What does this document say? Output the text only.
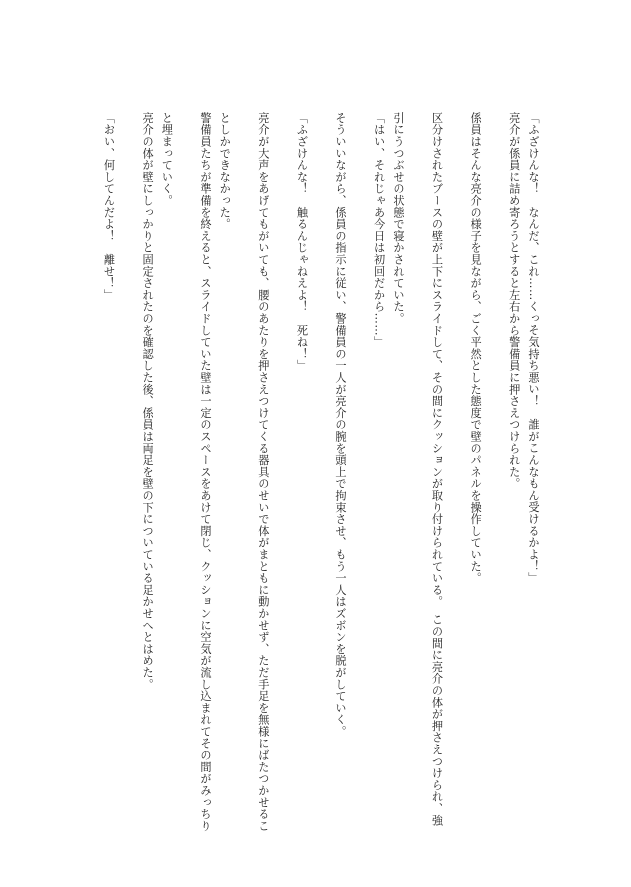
「ふざけんな！　なんだ、これ……くっそ気持ち悪い！　誰がこんなもん受けるかよ！」
亮介が係員に詰め寄ろうとすると左右から警備員に押さえつけられた。
係員はそんな亮介の様子を見ながら、ごく平然とした態度で壁のパネルを操作していた。
区分けされたブースの壁が上下にスライドして、その間にクッションが取り付けられている。　この間に亮介の体が押さえつけられ、強
引にうつぶせの状態で寝かされていた。
「はい、それじゃあ今日は初回だから……」
そういいながら、係員の指示に従い、警備員の一人が亮介の腕を頭上で拘束させ、もう一人はズボンを脱がしていく。
「ふざけんな！　触るんじゃねえよ！　死ね！」
亮介が大声をあげてもがいても、腰のあたりを押さえつけてくる器具のせいで体がまともに動かせず、ただ手足を無様にばたつかせるこ
としかできなかった。
警備員たちが準備を終えると、スライドしていた壁は一定のスペースをあけて閉じ、クッションに空気が流し込まれてその間がみっちり
と埋まっていく。
亮介の体が壁にしっかりと固定されたのを確認した後、係員は両足を壁の下についている足かせへとはめた。
「おい、何してんだよ！　離せ！」
